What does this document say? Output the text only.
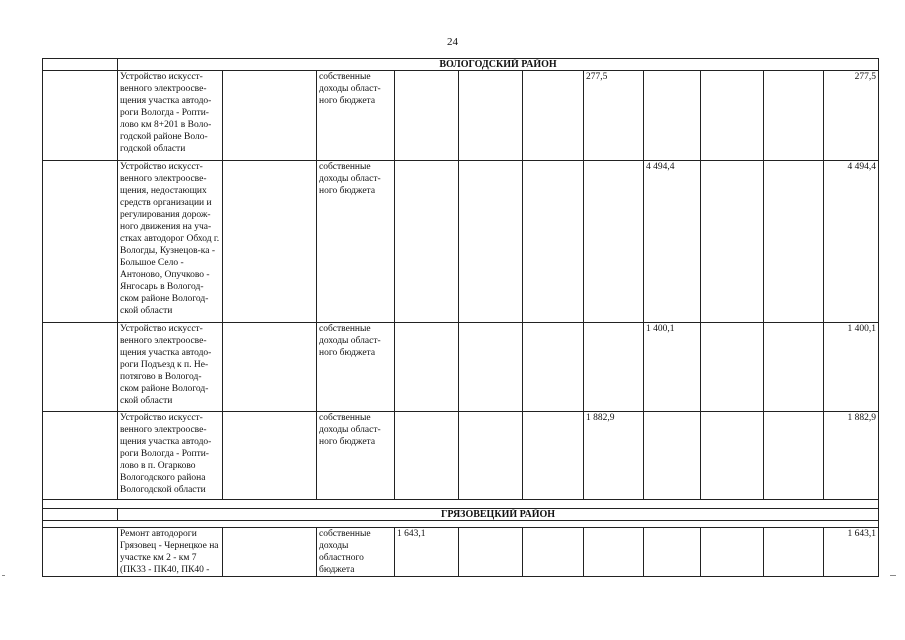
24
	ВОЛОГОДСКИЙ РАЙОН										
	Устройство искусст-венного электроосве-щения участка автодо-роги Вологда - Ропти-лово км 8+201 в Воло-годской районе Воло-годской области		собственные доходы област-ного бюджета				277,5				277,5
	Устройство искусст-венного электроосве-щения, недостающих средств организации и регулирования дорож-ного движения на уча-стках автодорог Обход г. Вологды, Кузнецов-ка - Большое Село - Антоново, Опучково - Янгосарь в Вологод-ском районе Вологод-ской области		собственные доходы област-ного бюджета					4 494,4			4 494,4
	Устройство искусст-венного электроосве-щения участка автодо-роги Подъезд к п. Не-потягово в Вологод-ском районе Вологод-ской области		собственные доходы област-ного бюджета					1 400,1			1 400,1
	Устройство искусст-венного электроосве-щения участка автодо-роги Вологда - Ропти-лово в п. Огарково Вологодского района Вологодской области		собственные доходы област-ного бюджета				1 882,9				1 882,9

	ГРЯЗОВЕЦКИЙ РАЙОН										

	Ремонт автодороги Грязовец - Чернецкое на участке км 2 - км 7 (ПК33 - ПК40, ПК40 -		собственные доходы областного бюджета	1 643,1							1 643,1
